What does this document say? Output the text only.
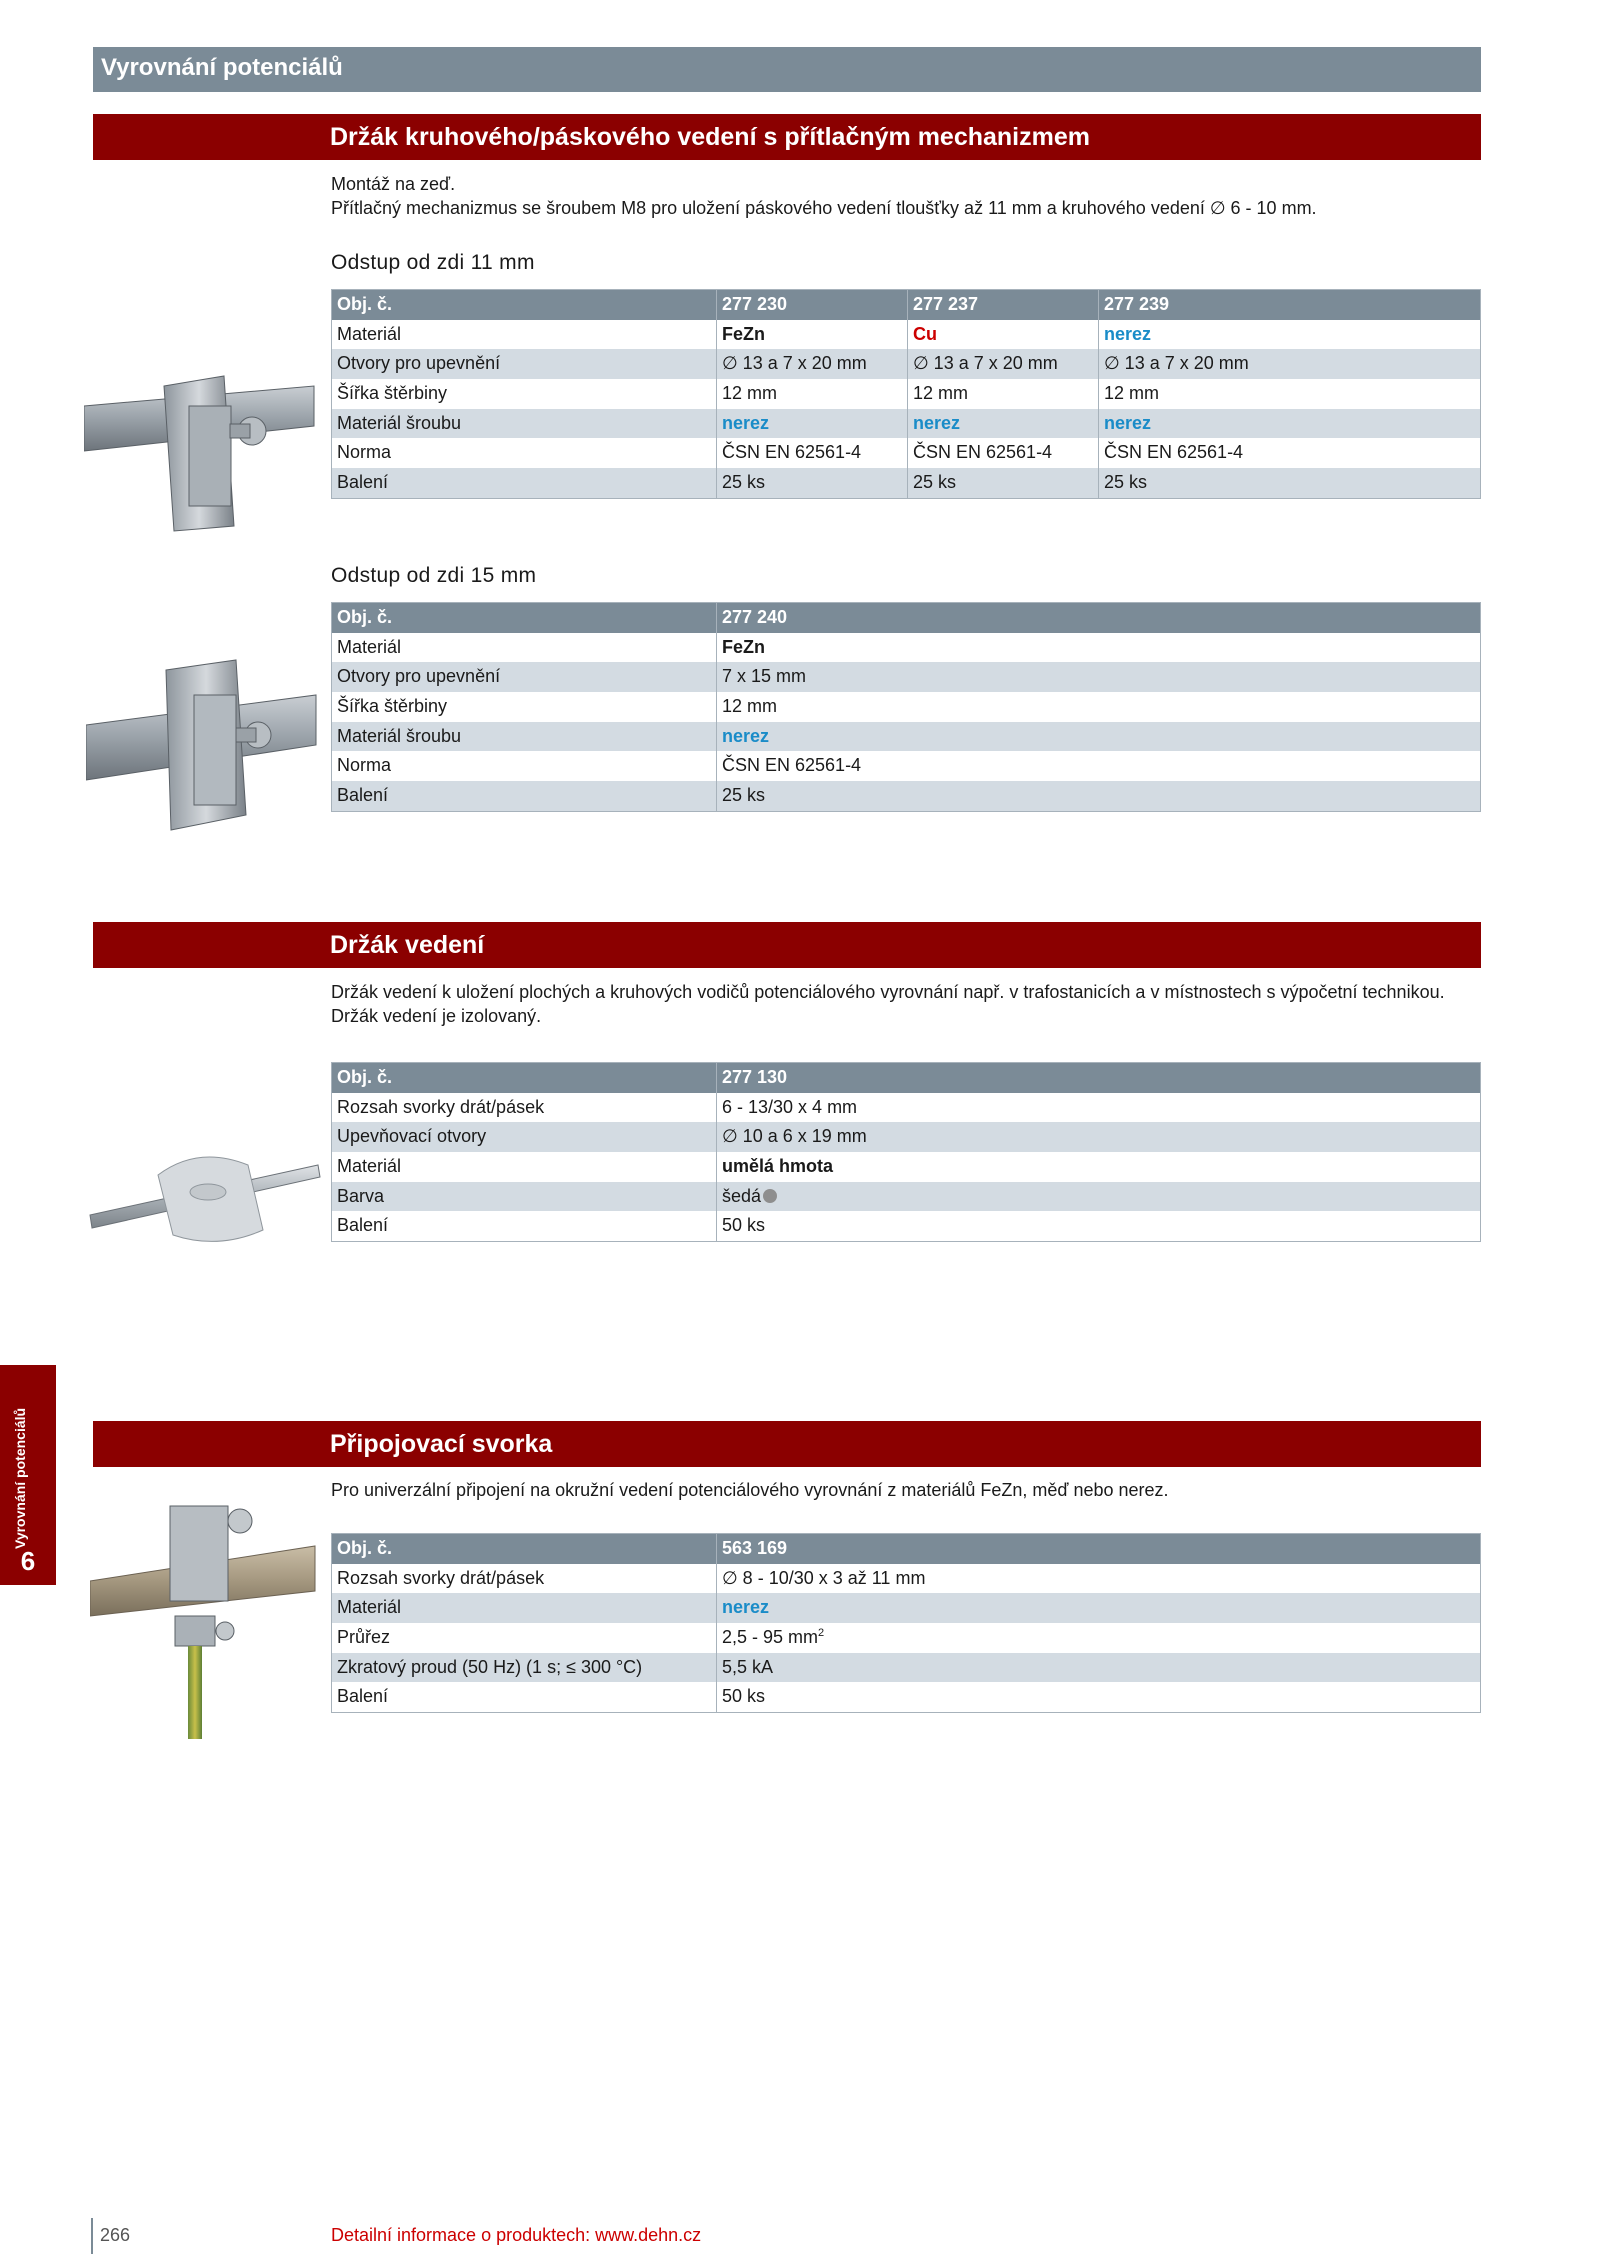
Vyrovnání potenciálů
Držák kruhového/páskového vedení s přítlačným mechanizmem
Montáž na zeď.
Přítlačný mechanizmus se šroubem M8 pro uložení páskového vedení tloušťky až 11 mm a kruhového vedení ∅ 6 - 10 mm.
Odstup od zdi 11 mm
Obj. č.	277 230	277 237	277 239
Materiál	FeZn	Cu	nerez
Otvory pro upevnění	∅ 13 a 7 x 20 mm	∅ 13 a 7 x 20 mm	∅ 13 a 7 x 20 mm
Šířka štěrbiny	12 mm	12 mm	12 mm
Materiál šroubu	nerez	nerez	nerez
Norma	ČSN EN 62561-4	ČSN EN 62561-4	ČSN EN 62561-4
Balení	25 ks	25 ks	25 ks
Odstup od zdi 15 mm
Obj. č.	277 240
Materiál	FeZn
Otvory pro upevnění	7 x 15 mm
Šířka štěrbiny	12 mm
Materiál šroubu	nerez
Norma	ČSN EN 62561-4
Balení	25 ks
Držák vedení
Držák vedení k uložení plochých a kruhových vodičů potenciálového vyrovnání např. v trafostanicích a v místnostech s výpočetní technikou.
Držák vedení je izolovaný.
Obj. č.	277 130
Rozsah svorky drát/pásek	6 - 13/30 x 4 mm
Upevňovací otvory	∅ 10 a 6 x 19 mm
Materiál	umělá hmota
Barva	šedá
Balení	50 ks
Vyrovnání potenciálů
6
Připojovací svorka
Pro univerzální připojení na okružní vedení potenciálového vyrovnání z materiálů FeZn, měď nebo nerez.
Obj. č.	563 169
Rozsah svorky drát/pásek	∅ 8 - 10/30 x 3 až 11 mm
Materiál	nerez
Průřez	2,5 - 95 $mm^2$
Zkratový proud (50 Hz) (1 s; ≤ 300 °C)	5,5 kA
Balení	50 ks
266	Detailní informace o produktech: www.dehn.cz
